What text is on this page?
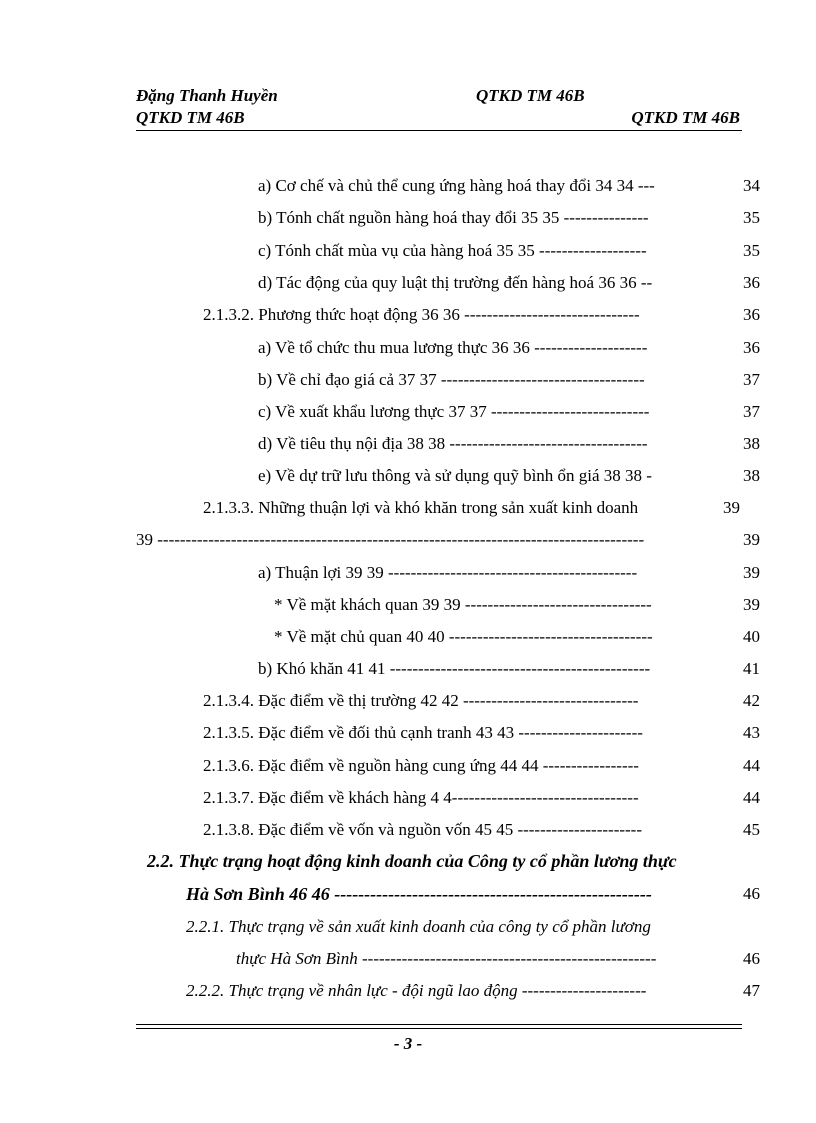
Đặng Thanh Huyền	QTKD TM 46B
QTKD TM 46B	QTKD TM 46B
a) Cơ chế và chủ thể cung ứng hàng hoá thay đổi 34 34 ---	34
b) Tónh chất nguồn hàng hoá thay đổi 35 35 ---------------	35
c) Tónh chất mùa vụ của hàng hoá 35 35 -------------------	35
d) Tác động của quy luật thị trường đến hàng hoá 36 36 --	36
2.1.3.2. Phương thức hoạt động 36 36 -------------------------------	36
a) Về tổ chức thu mua lương thực 36 36 --------------------	36
b) Về chỉ đạo giá cả 37 37 ------------------------------------	37
c) Về xuất khẩu lương thực 37 37 ----------------------------	37
d) Về tiêu thụ nội địa 38 38 -----------------------------------	38
e) Về dự trữ lưu thông và sử dụng quỹ bình ổn giá 38 38 -	38
2.1.3.3. Những thuận lợi và khó khăn trong sản xuất kinh doanh	39
39 --------------------------------------------------------------------------------------	39
a) Thuận lợi 39 39 --------------------------------------------	39
* Về mặt khách quan 39 39 ---------------------------------	39
* Về mặt chủ quan 40 40 ------------------------------------	40
b) Khó khăn 41 41 ----------------------------------------------	41
2.1.3.4. Đặc điểm về thị trường 42 42 -------------------------------	42
2.1.3.5. Đặc điểm về đối thủ cạnh tranh 43 43 ----------------------	43
2.1.3.6. Đặc điểm về nguồn hàng cung ứng 44 44 -----------------	44
2.1.3.7. Đặc điểm về khách hàng 4 4---------------------------------	44
2.1.3.8. Đặc điểm về vốn và nguồn vốn 45 45 ----------------------	45
2.2. Thực trạng hoạt động kinh doanh của Công ty cổ phần lương thực
Hà Sơn Bình 46 46 -----------------------------------------------------	46
2.2.1. Thực trạng về sản xuất kinh doanh của công ty cổ phần lương
thực Hà Sơn Bình ----------------------------------------------------	46
2.2.2. Thực trạng về nhân lực - đội ngũ lao động ----------------------	47
- 3 -
